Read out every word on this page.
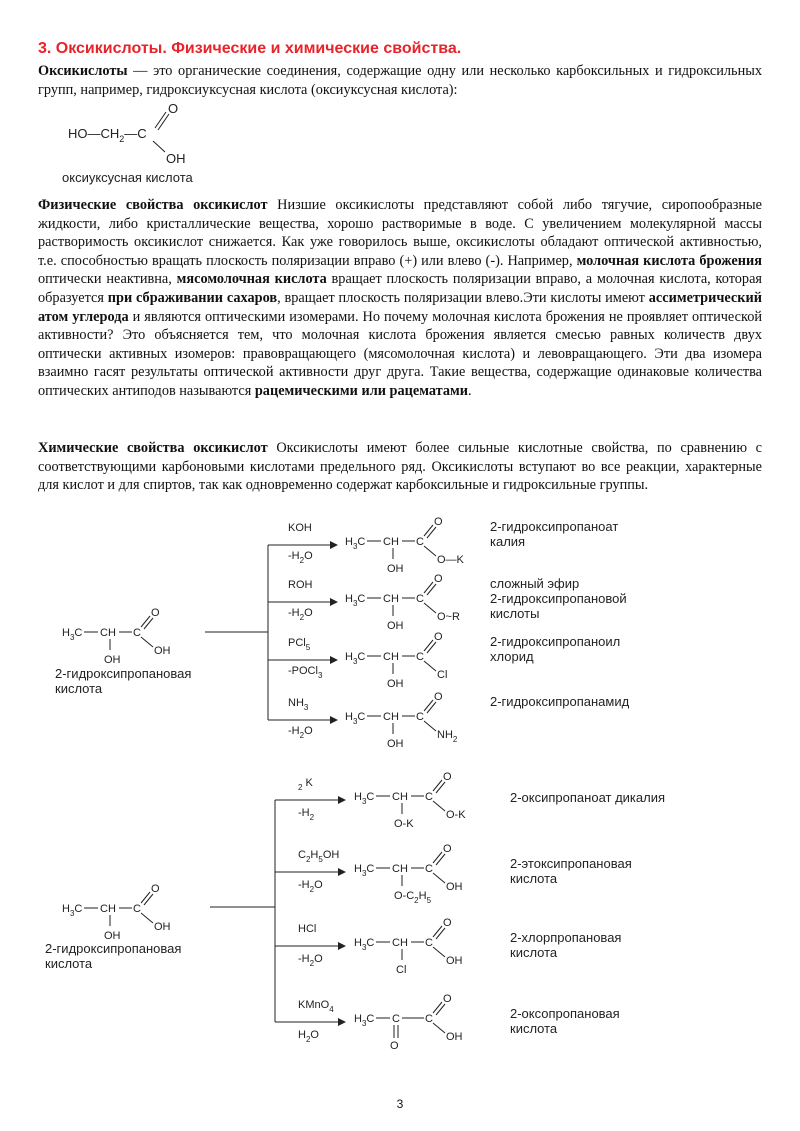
3. Оксикислоты. Физические и химические свойства.

Оксикислоты — это органические соединения, содержащие одну или несколько карбоксильных и гидроксильных групп, например, гидроксиуксусная кислота (оксиуксусная кислота):

Физические свойства оксикислот Низшие оксикислоты представляют собой либо тягучие, сиропообразные жидкости, либо кристаллические вещества, хорошо растворимые в воде. С увеличением молекулярной массы растворимость оксикислот снижается. Как уже говорилось выше, оксикислоты обладают оптической активностью, т.е. способностью вращать плоскость поляризации вправо (+) или влево (-). Например, молочная кислота брожения оптически неактивна, мясомолочная кислота вращает плоскость поляризации вправо, а молочная кислота, которая образуется при сбраживании сахаров, вращает плоскость поляризации влево.Эти кислоты имеют ассиметрический атом углерода и являются оптическими изомерами. Но почему молочная кислота брожения не проявляет оптической активности? Это объясняется тем, что молочная кислота брожения является смесью равных количеств двух оптически активных изомеров: правовращающего (мясомолочная кислота) и левовращающего. Эти два изомера взаимно гасят результаты оптической активности друг друга. Такие вещества, содержащие одинаковые количества оптических антиподов называются рацемическими или рацематами.

Химические свойства оксикислот Оксикислоты имеют более сильные кислотные свойства, по сравнению с соответствующими карбоновыми кислотами предельного ряд. Оксикислоты вступают во все реакции, характерные для кислот и для спиртов, так как одновременно содержат карбоксильные и гидроксильные группы.

$HO—CH_2—C$
O
OH
оксиуксусная кислота
$H_3C$ CH C
O
OH
OH
2-гидроксипропановая
кислота
KOH
$-H_2O$
$H_3C$ CH C
O
O—K
OH
2-гидроксипропаноат
калия
ROH
$-H_2O$
$H_3C$ CH C
O
O~R
OH
сложный эфир
2-гидроксипропановой
кислоты
PCl$_5$
-POCl$_3$
$H_3C$ CH C
O
Cl
OH
2-гидроксипропаноил
хлорид
$NH_3$
$-H_2O$
$H_3C$ CH C
O
$NH_2$
OH
2-гидроксипропанамид
$H_3C$ CH C
O
OH
OH
2-гидроксипропановая
кислота
$_2$ K
$-H_2$
$H_3C$ CH C
O
O-K
O-K
2-оксипропаноат дикалия
$C_2H_5OH$
$-H_2O$
$H_3C$ CH C
O
OH
$O-C_2H_5$
2-этоксипропановая
кислота
HCl
$-H_2O$
$H_3C$ CH C
O
OH
Cl
2-хлорпропановая
кислота
KMnO$_4$
$H_2O$
$H_3C$ C C
O
OH
O
2-оксопропановая
кислота
3
